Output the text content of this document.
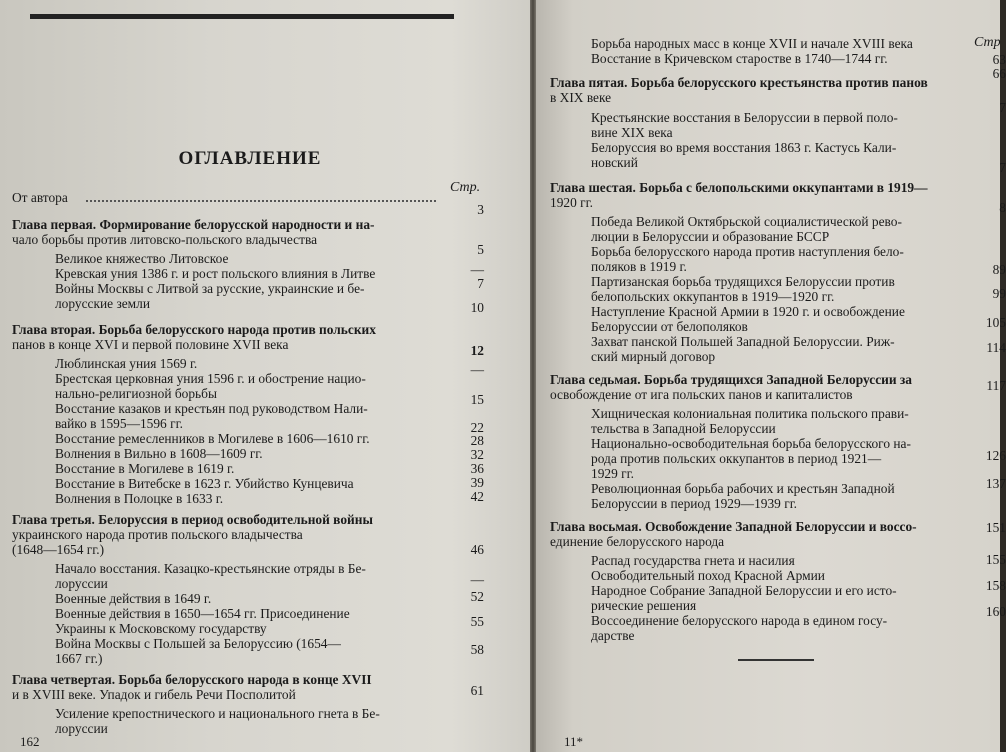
ОГЛАВЛЕНИЕ
Стр.
От автора
Глава первая. Формирование белорусской народности и на-
чало борьбы против литовско-польского владычества
Великое княжество Литовское
Кревская уния 1386 г. и рост польского влияния в Литве
Войны Москвы с Литвой за русские, украинские и бе-
лорусские земли
Глава вторая. Борьба белорусского народа против польских
панов в конце XVI и первой половине XVII века
Люблинская уния 1569 г.
Брестская церковная уния 1596 г. и обострение нацио-
нально-религиозной борьбы
Восстание казаков и крестьян под руководством Нали-
вайко в 1595—1596 гг.
Восстание ремесленников в Могилеве в 1606—1610 гг.
Волнения в Вильно в 1608—1609 гг.
Восстание в Могилеве в 1619 г.
Восстание в Витебске в 1623 г. Убийство Кунцевича
Волнения в Полоцке в 1633 г.
Глава третья. Белоруссия в период освободительной войны
украинского народа против польского владычества
(1648—1654 гг.)
Начало восстания. Казацко-крестьянские отряды в Бе-
лоруссии
Военные действия в 1649 г.
Военные действия в 1650—1654 гг. Присоединение
Украины к Московскому государству
Война Москвы с Польшей за Белоруссию (1654—
1667 гг.)
Глава четвертая. Борьба белорусского народа в конце XVII
и в XVIII веке. Упадок и гибель Речи Посполитой
Усиление крепостнического и национального гнета в Бе-
лоруссии
3
5
—
7
10
12
—
15
22
28
32
36
39
42
46
—
52
55
58
61
162
Стр
Борьба народных масс в конце XVII и начале XVIII века
Восстание в Кричевском старостве в 1740—1744 гг.
Глава пятая. Борьба белорусского крестьянства против панов
в XIX веке
Крестьянские восстания в Белоруссии в первой поло-
вине XIX века
Белоруссия во время восстания 1863 г. Кастусь Кали-
новский
Глава шестая. Борьба с белопольскими оккупантами в 1919—
1920 гг.
Победа Великой Октябрьской социалистической рево-
люции в Белоруссии и образование БССР
Борьба белорусского народа против наступления бело-
поляков в 1919 г.
Партизанская борьба трудящихся Белоруссии против
белопольских оккупантов в 1919—1920 гг.
Наступление Красной Армии в 1920 г. и освобождение
Белоруссии от белополяков
Захват панской Польшей Западной Белоруссии. Риж-
ский мирный договор
Глава седьмая. Борьба трудящихся Западной Белоруссии за
освобождение от ига польских панов и капиталистов
Хищническая колониальная политика польского прави-
тельства в Западной Белоруссии
Национально-освободительная борьба белорусского на-
рода против польских оккупантов в период 1921—
1929 гг.
Революционная борьба рабочих и крестьян Западной
Белоруссии в период 1929—1939 гг.
Глава восьмая. Освобождение Западной Белоруссии и воссо-
единение белорусского народа
Распад государства гнета и насилия
Освободительный поход Красной Армии
Народное Собрание Западной Белоруссии и его исто-
рические решения
Воссоединение белорусского народа в едином госу-
дарстве
63
66
7
7
8
89
99
105
114
117
126
137
151
155
158
160
11*
